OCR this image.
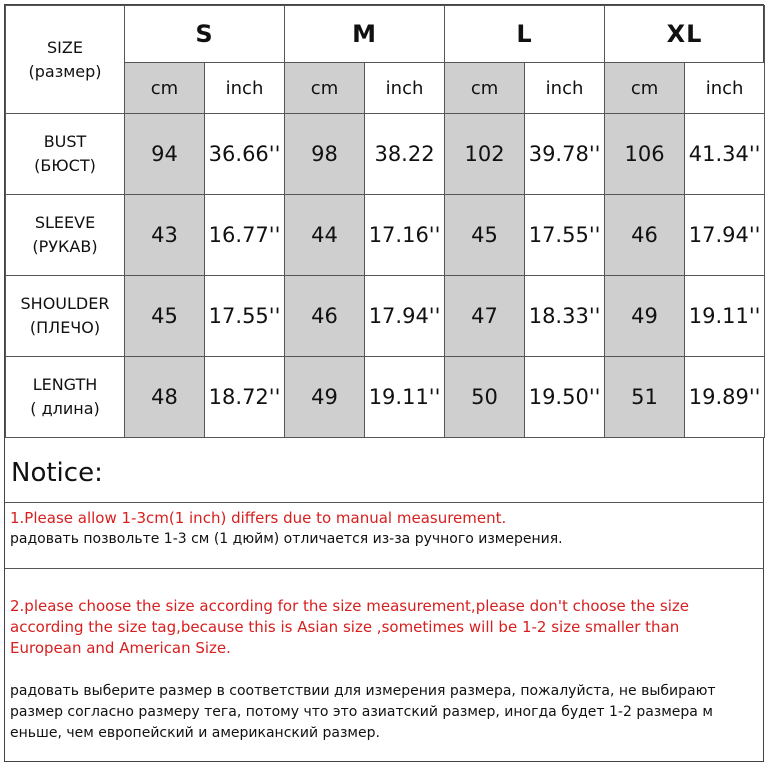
SIZE
(размер)	S		M		L		XL	
	cm	inch	cm	inch	cm	inch	cm	inch

BUST
(БЮСТ)	94	36.66''	98	38.22	102	39.78''	106	41.34''

SLEEVE
(РУКАВ)	43	16.77''	44	17.16''	45	17.55''	46	17.94''

SHOULDER
(ПЛЕЧО)	45	17.55''	46	17.94''	47	18.33''	49	19.11''

LENGTH
( длина)	48	18.72''	49	19.11''	50	19.50''	51	19.89''
Notice:
1.Please allow 1-3cm(1 inch) differs due to manual measurement.
радовать позвольте 1-3 см (1 дюйм) отличается из-за ручного измерения.
2.please choose the size according for the size measurement,please don't choose the size
according the size tag,because this is Asian size ,sometimes will be 1-2 size smaller than
European and American Size.
радовать выберите размер в соответствии для измерения размера, пожалуйста, не выбирают
размер согласно размеру тега, потому что это азиатский размер, иногда будет 1-2 размера м
еньше, чем европейский и американский размер.
